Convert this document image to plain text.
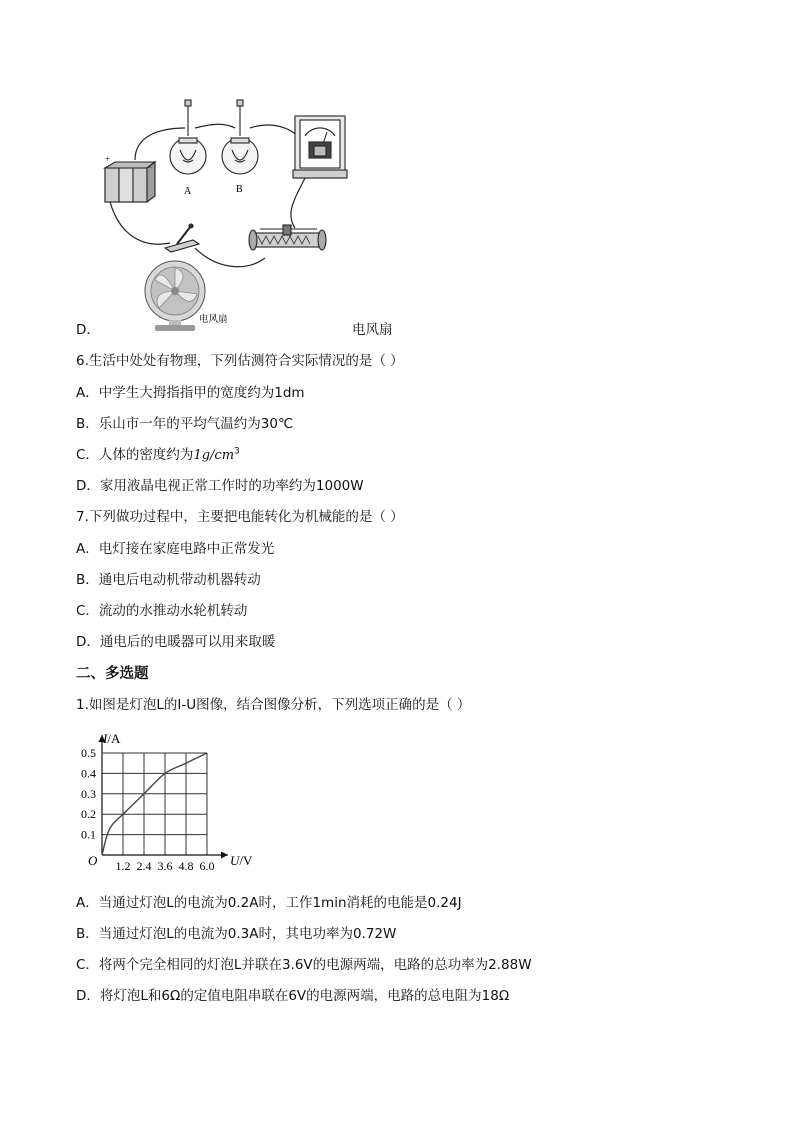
+
−
A	B
电风扇
D．	电风扇
6.生活中处处有物理，下列估测符合实际情况的是（ ）
A．中学生大拇指指甲的宽度约为1dm
B．乐山市一年的平均气温约为30℃
C．人体的密度约为$1g/cm^3$
D．家用液晶电视正常工作时的功率约为1000W
7.下列做功过程中，主要把电能转化为机械能的是（ ）
A．电灯接在家庭电路中正常发光
B．通电后电动机带动机器转动
C．流动的水推动水轮机转动
D．通电后的电暖器可以用来取暖
二、多选题
1.如图是灯泡L的I-U图像，结合图像分析，下列选项正确的是（ ）
1.2 2.4 3.6 4.8 6.0
0.1
0.2
0.3
0.4
0.5
I/A
U/V
O
A．当通过灯泡L的电流为0.2A时，工作1min消耗的电能是0.24J
B．当通过灯泡L的电流为0.3A时，其电功率为0.72W
C．将两个完全相同的灯泡L并联在3.6V的电源两端，电路的总功率为2.88W
D．将灯泡L和6Ω的定值电阻串联在6V的电源两端，电路的总电阻为18Ω
